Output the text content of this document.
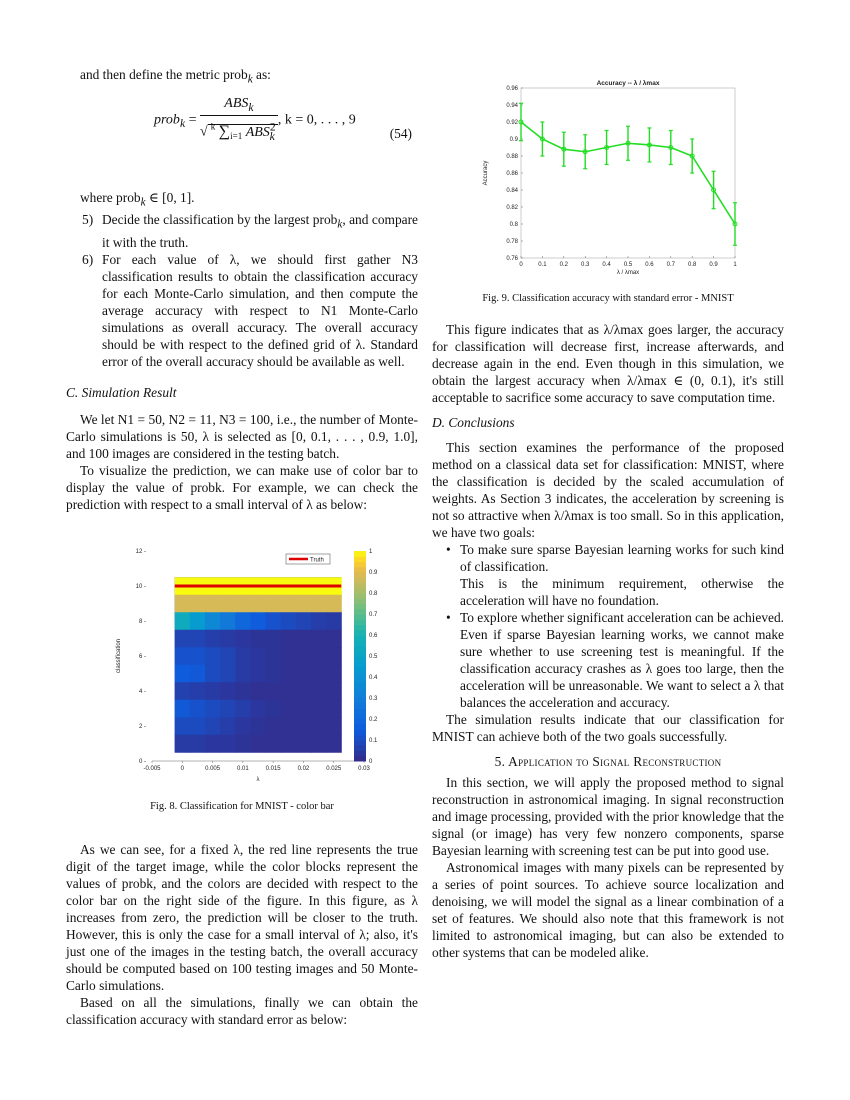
and then define the metric prob$_k$ as:

prob$_k$ = $\frac{ABS_k}{√ ^k \sum i=1 ABS^2_k}$ , k = 0, . . . , 9
(54)

where prob$_k$ ∈ [0, 1].

5) Decide the classification by the largest prob$_k$, and compare it with the truth.
6) For each value of λ, we should first gather N3 classification results to obtain the classification accuracy for each Monte-Carlo simulation, and then compute the average accuracy with respect to N1 Monte-Carlo simulations as overall accuracy. The overall accuracy should be with respect to the defined grid of λ. Standard error of the overall accuracy should be available as well.

C. Simulation Result

We let N1 = 50, N2 = 11, N3 = 100, i.e., the number of Monte-Carlo simulations is 50, λ is selected as [0, 0.1, . . . , 0.9, 1.0], and 100 images are considered in the testing batch.

To visualize the prediction, we can make use of color bar to display the value of probk. For example, we can check the prediction with respect to a small interval of λ as below:

Truth
-0.005	0	0.005	0.01	0.015	0.02	0.025	0.03
0 -
2 -
4 -
6 -
8 -
10 -
12 -
λ
classification
0
0.1
0.2
0.3
0.4
0.5
0.6
0.7
0.8
0.9
1

Fig. 8. Classification for MNIST - color bar

As we can see, for a fixed λ, the red line represents the true digit of the target image, while the color blocks represent the values of probk, and the colors are decided with respect to the color bar on the right side of the figure. In this figure, as λ increases from zero, the prediction will be closer to the truth. However, this is only the case for a small interval of λ; also, it's just one of the images in the testing batch, the overall accuracy should be computed based on 100 testing images and 50 Monte-Carlo simulations.

Based on all the simulations, finally we can obtain the classification accuracy with standard error as below:

Accuracy -- λ / λmax
0.76
0.78
0.8
0.82
0.84
0.86
0.88
0.9
0.92
0.94
0.96
0	0.1 0.2 0.3 0.4 0.5 0.6 0.7 0.8 0.9	1
λ / λmax
Accuracy

Fig. 9. Classification accuracy with standard error - MNIST

This figure indicates that as λ/λmax goes larger, the accuracy for classification will decrease first, increase afterwards, and decrease again in the end. Even though in this simulation, we obtain the largest accuracy when λ/λmax ∈ (0, 0.1), it's still acceptable to sacrifice some accuracy to save computation time.

D. Conclusions

This section examines the performance of the proposed method on a classical data set for classification: MNIST, where the classification is decided by the scaled accumulation of weights. As Section 3 indicates, the acceleration by screening is not so attractive when λ/λmax is too small. So in this application, we have two goals:

• To make sure sparse Bayesian learning works for such kind of classification.

This is the minimum requirement, otherwise the acceleration will have no foundation.

• To explore whether significant acceleration can be achieved.

Even if sparse Bayesian learning works, we cannot make sure whether to use screening test is meaningful. If the classification accuracy crashes as λ goes too large, then the acceleration will be unreasonable. We want to select a λ that balances the acceleration and accuracy.

The simulation results indicate that our classification for MNIST can achieve both of the two goals successfully.

5. Application to Signal Reconstruction

In this section, we will apply the proposed method to signal reconstruction in astronomical imaging. In signal reconstruction and image processing, provided with the prior knowledge that the signal (or image) has very few nonzero components, sparse Bayesian learning with screening test can be put into good use.

Astronomical images with many pixels can be represented by a series of point sources. To achieve source localization and denoising, we will model the signal as a linear combination of a set of features. We should also note that this framework is not limited to astronomical imaging, but can also be extended to other systems that can be modeled alike.
